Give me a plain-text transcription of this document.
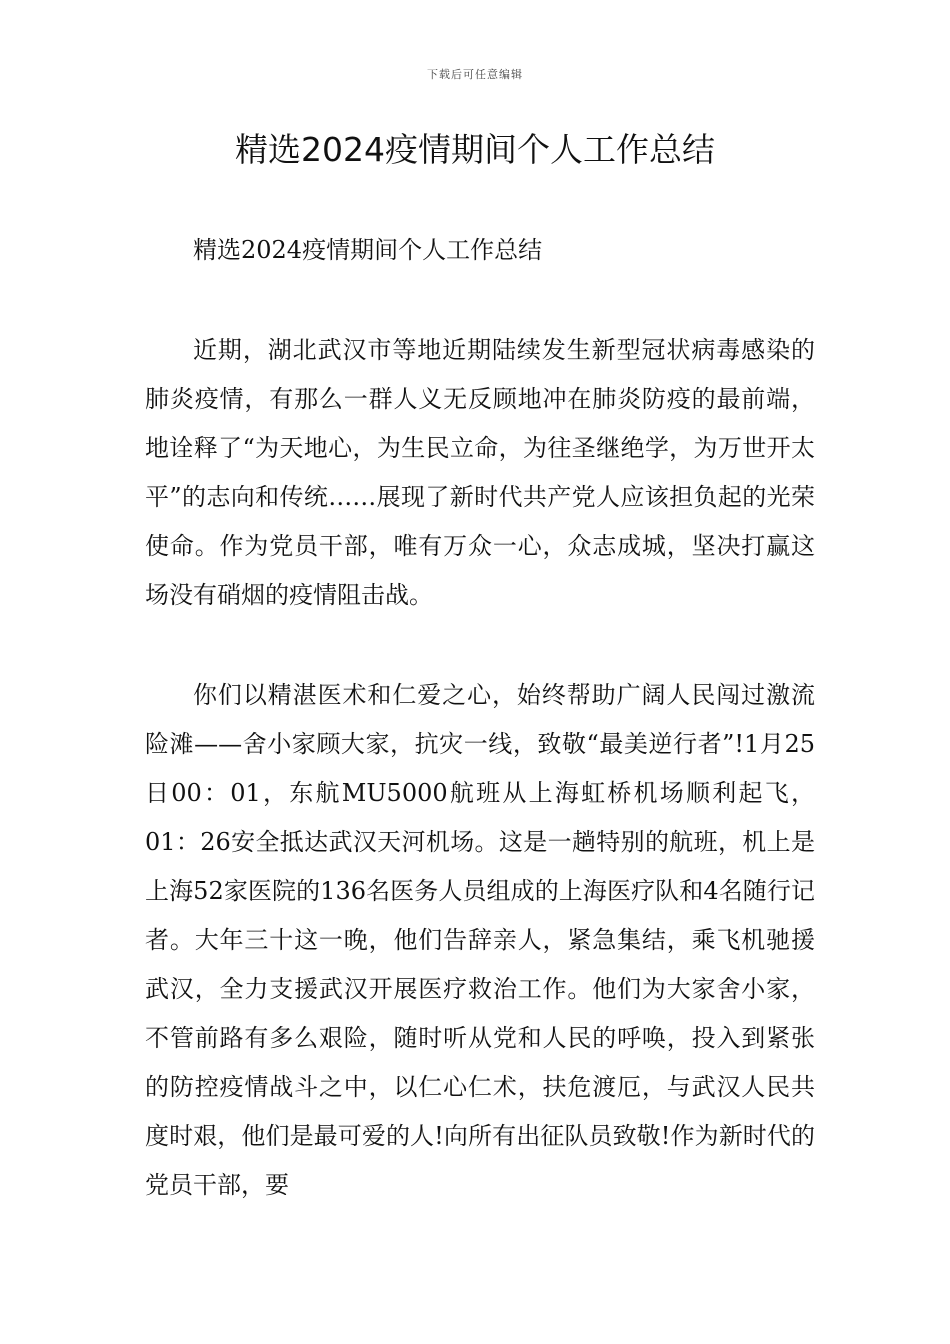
下载后可任意编辑
精选2024疫情期间个人工作总结

精选2024疫情期间个人工作总结

近期，湖北武汉市等地近期陆续发生新型冠状病毒感染的肺炎疫情，有那么一群人义无反顾地冲在肺炎防疫的最前端，地诠释了“为天地心，为生民立命，为往圣继绝学，为万世开太平”的志向和传统……展现了新时代共产党人应该担负起的光荣使命。作为党员干部，唯有万众一心，众志成城，坚决打赢这场没有硝烟的疫情阻击战。

你们以精湛医术和仁爱之心，始终帮助广阔人民闯过激流险滩——舍小家顾大家，抗灾一线，致敬“最美逆行者”!1月25日00：01，东航MU5000航班从上海虹桥机场顺利起飞，01：26安全抵达武汉天河机场。这是一趟特别的航班，机上是上海52家医院的136名医务人员组成的上海医疗队和4名随行记者。大年三十这一晚，他们告辞亲人，紧急集结，乘飞机驰援武汉，全力支援武汉开展医疗救治工作。他们为大家舍小家，不管前路有多么艰险，随时听从党和人民的呼唤，投入到紧张的防控疫情战斗之中，以仁心仁术，扶危渡厄，与武汉人民共度时艰，他们是最可爱的人!向所有出征队员致敬!作为新时代的党员干部，要
